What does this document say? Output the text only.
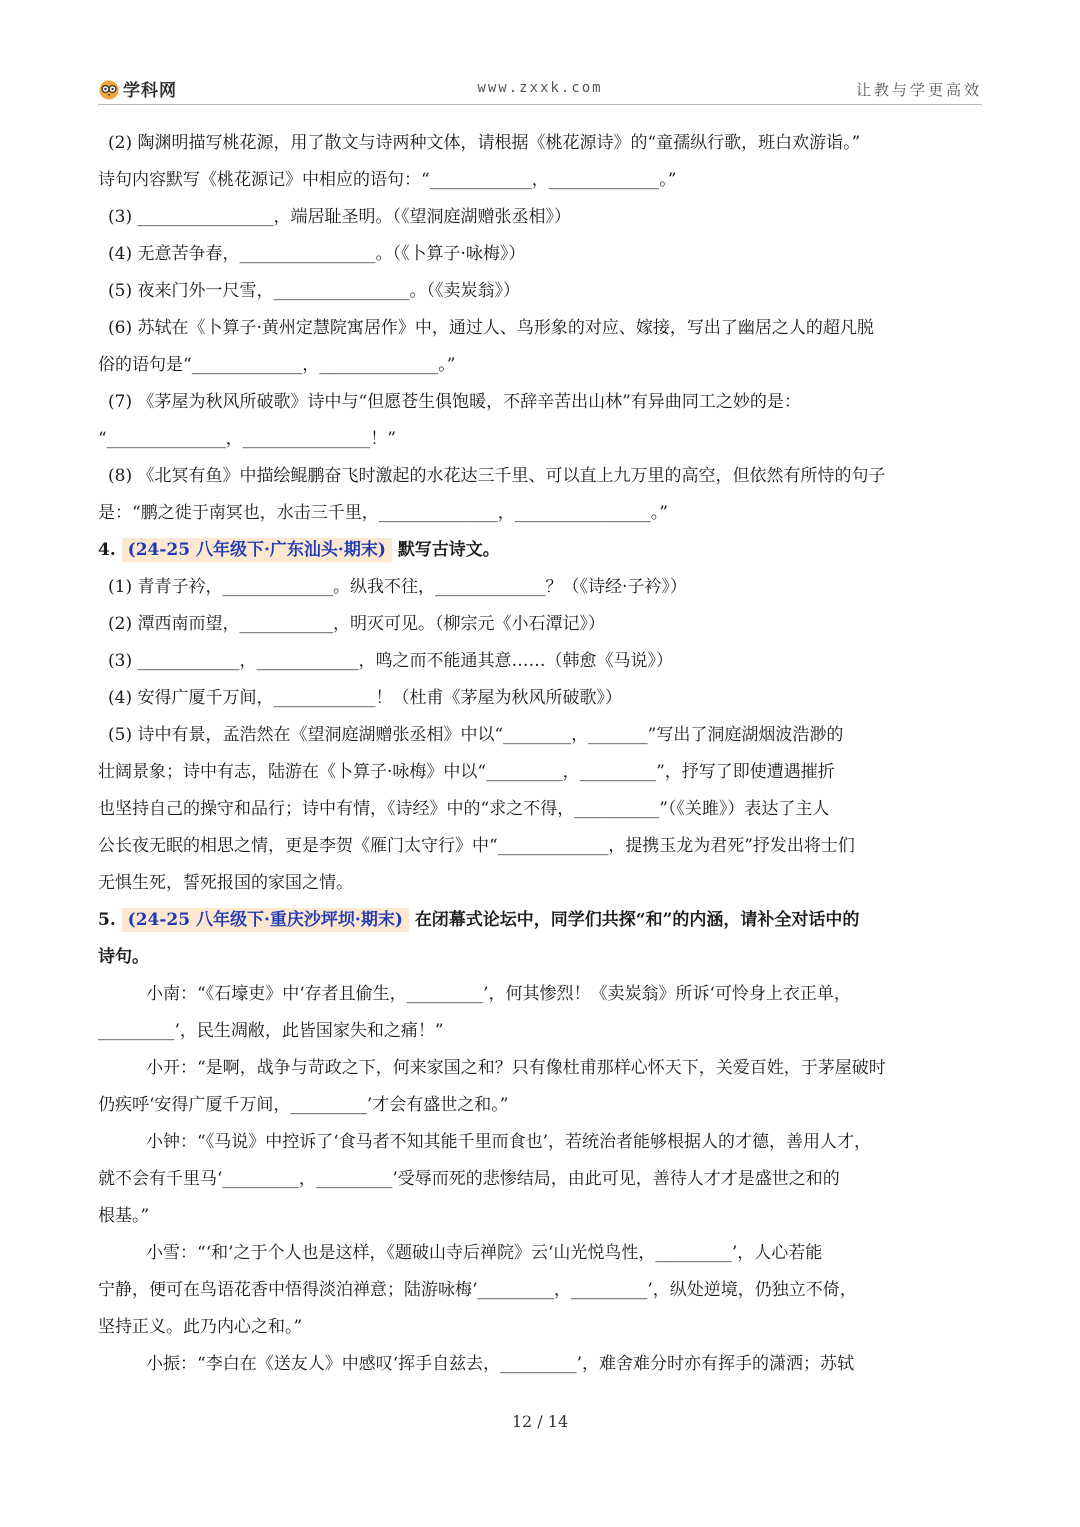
学科网	www.zxxk.com	让教与学更高效

(2) 陶渊明描写桃花源，用了散文与诗两种文体，请根据《桃花源诗》的“童孺纵行歌，班白欢游诣。”

诗句内容默写《桃花源记》中相应的语句：“____________，_____________。”

(3) ________________，端居耻圣明。（《望洞庭湖赠张丞相》）

(4) 无意苦争春，________________。（《卜算子·咏梅》）

(5) 夜来门外一尺雪，________________。（《卖炭翁》）

(6) 苏轼在《卜算子·黄州定慧院寓居作》中，通过人、鸟形象的对应、嫁接，写出了幽居之人的超凡脱

俗的语句是“_____________，______________。”

(7) 《茅屋为秋风所破歌》诗中与“但愿苍生俱饱暖，不辞辛苦出山林”有异曲同工之妙的是：

“______________，_______________！”

(8) 《北冥有鱼》中描绘鲲鹏奋飞时激起的水花达三千里、可以直上九万里的高空，但依然有所恃的句子

是：“鹏之徙于南冥也，水击三千里，______________，________________。”

4. (24-25 八年级下·广东汕头·期末) 默写古诗文。

(1) 青青子衿，_____________。纵我不往，_____________？（《诗经·子衿》）

(2) 潭西南而望，___________，明灭可见。（柳宗元《小石潭记》）

(3) ____________，____________，鸣之而不能通其意……（韩愈《马说》）

(4) 安得广厦千万间，____________！（杜甫《茅屋为秋风所破歌》）

(5) 诗中有景，孟浩然在《望洞庭湖赠张丞相》中以“________，_______”写出了洞庭湖烟波浩渺的

壮阔景象；诗中有志，陆游在《卜算子·咏梅》中以“_________，_________”，抒写了即使遭遇摧折

也坚持自己的操守和品行；诗中有情，《诗经》中的“求之不得，__________”（《关雎》）表达了主人

公长夜无眠的相思之情，更是李贺《雁门太守行》中“_____________，提携玉龙为君死”抒发出将士们

无惧生死，誓死报国的家国之情。

5. (24-25 八年级下·重庆沙坪坝·期末) 在闭幕式论坛中，同学们共探“和”的内涵，请补全对话中的

诗句。

小南：“《石壕吏》中‘存者且偷生，_________’，何其惨烈！《卖炭翁》所诉‘可怜身上衣正单，

_________’，民生凋敝，此皆国家失和之痛！”

小开：“是啊，战争与苛政之下，何来家国之和？只有像杜甫那样心怀天下，关爱百姓，于茅屋破时

仍疾呼‘安得广厦千万间，_________’才会有盛世之和。”

小钟：“《马说》中控诉了‘食马者不知其能千里而食也’，若统治者能够根据人的才德，善用人才，

就不会有千里马‘_________，_________’受辱而死的悲惨结局，由此可见，善待人才才是盛世之和的

根基。”

小雪：“‘和’之于个人也是这样，《题破山寺后禅院》云‘山光悦鸟性，_________’，人心若能

宁静，便可在鸟语花香中悟得淡泊禅意；陆游咏梅‘_________，_________’，纵处逆境，仍独立不倚，

坚持正义。此乃内心之和。”

小振：“李白在《送友人》中感叹‘挥手自兹去，_________’，难舍难分时亦有挥手的潇洒；苏轼

12 / 14
